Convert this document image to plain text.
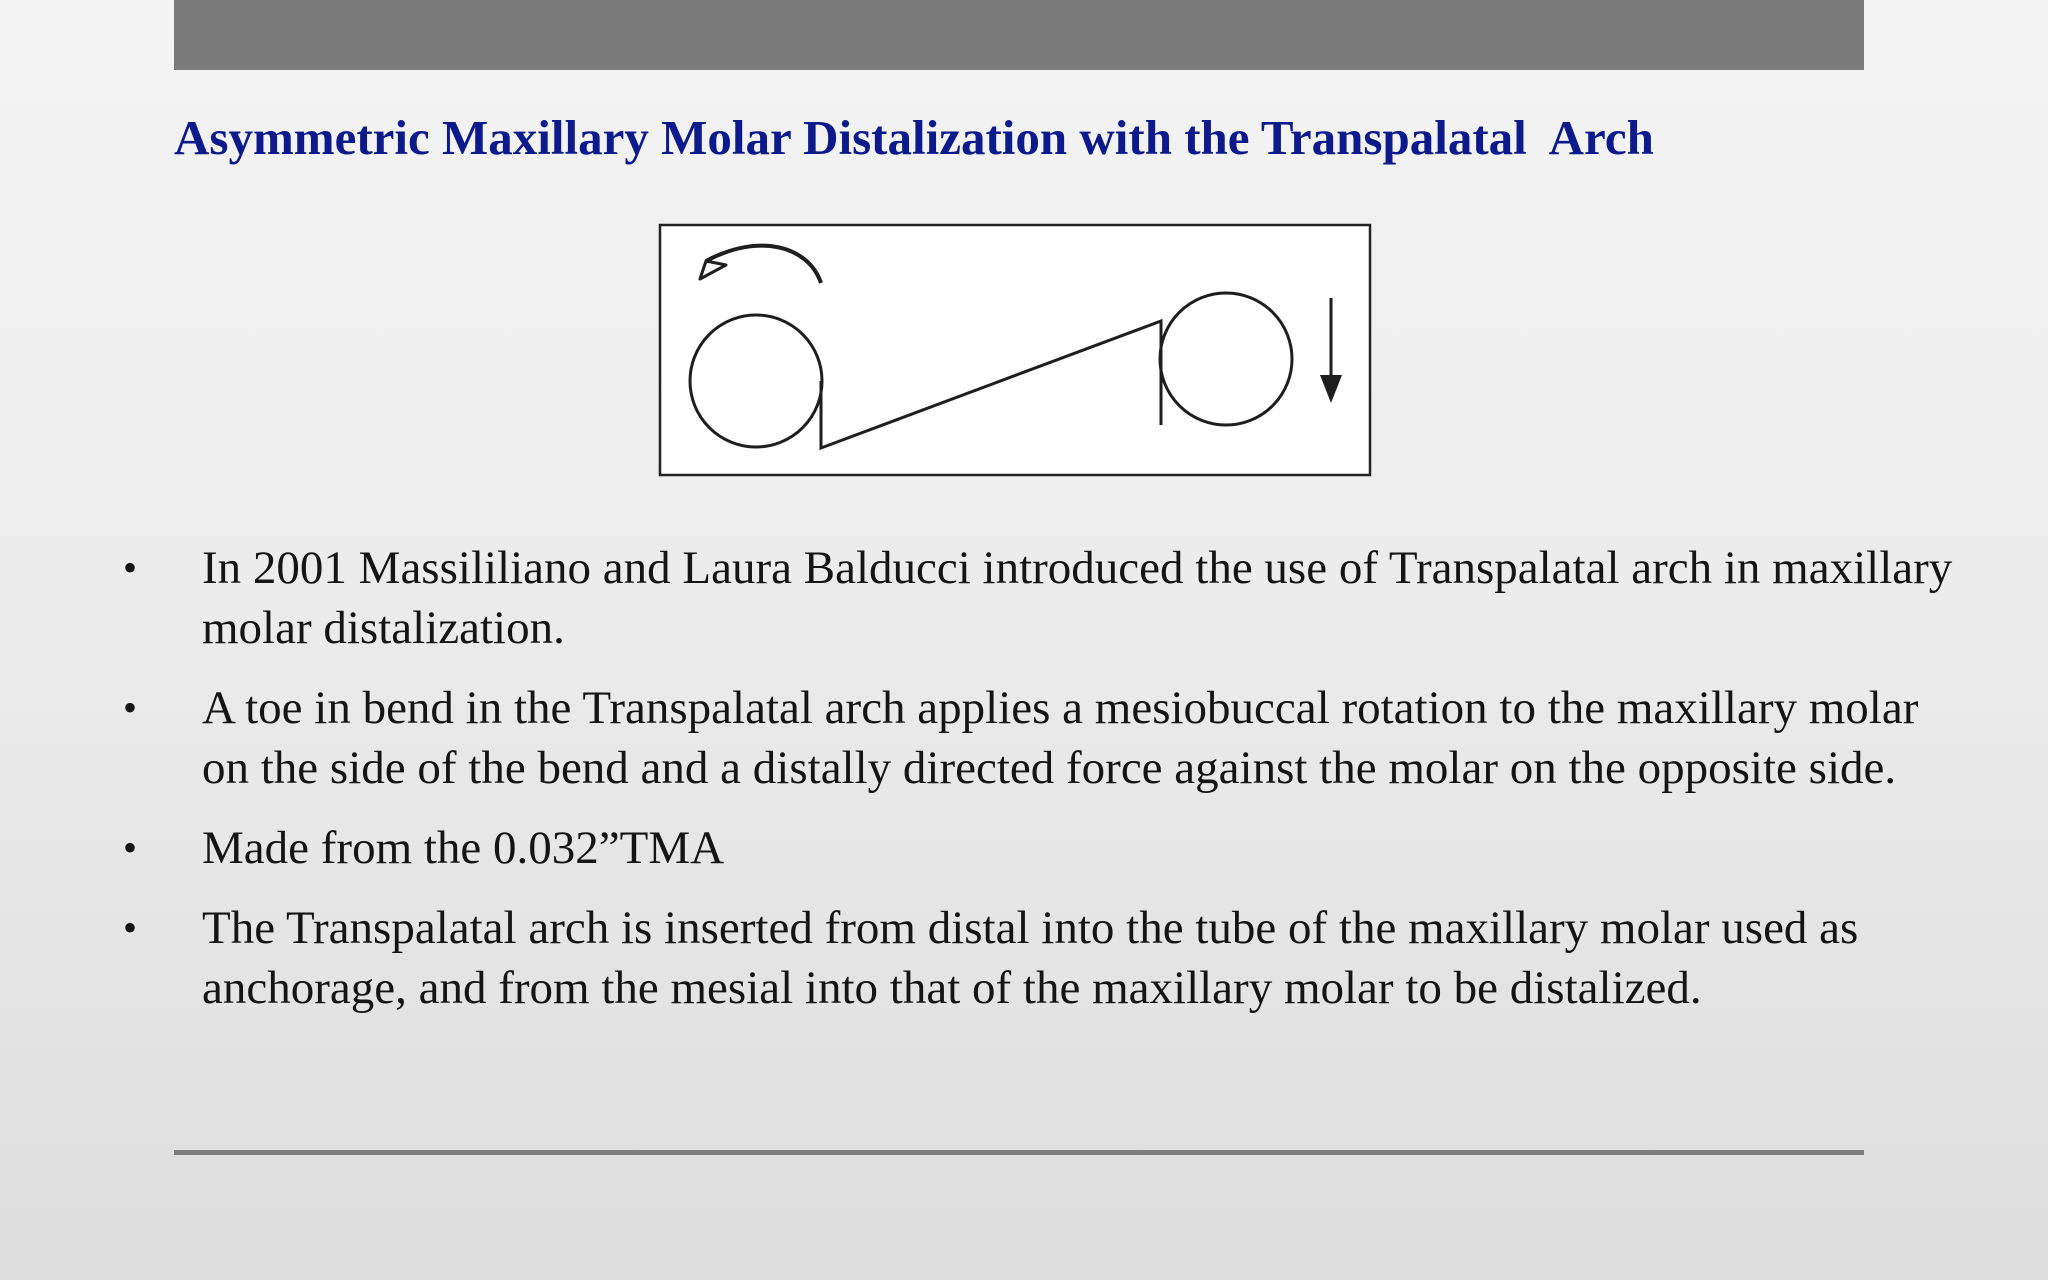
Asymmetric Maxillary Molar Distalization with the Transpalatal  Arch
•	In 2001 Massililiano and Laura Balducci introduced the use of Transpalatal arch in maxillary molar distalization.
•	A toe in bend in the Transpalatal arch applies a mesiobuccal rotation to the maxillary molar on the side of the bend and a distally directed force against the molar on the opposite side.
•	Made from the 0.032”TMA
•	The Transpalatal arch is inserted from distal into the tube of the maxillary molar used as anchorage, and from the mesial into that of the maxillary molar to be distalized.
